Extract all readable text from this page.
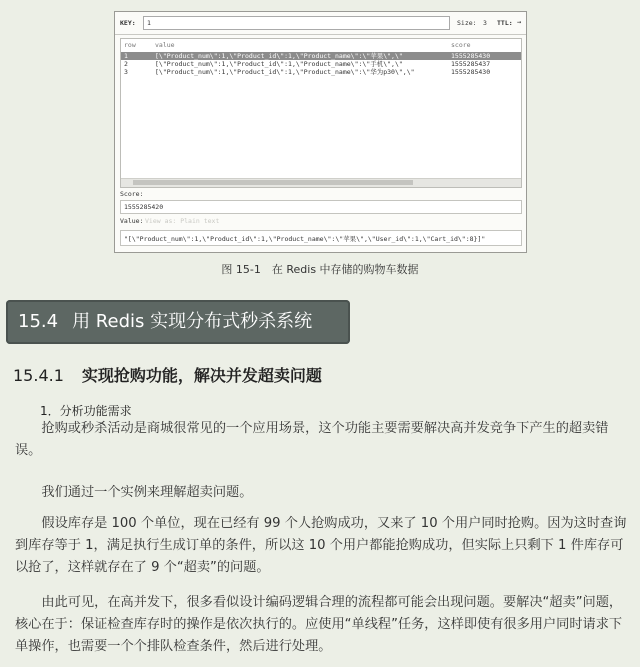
KEY: 1	Size: 3 TTL: →
row	value	score
1	[\"Product_num\":1,\"Product_id\":1,\"Product_name\":\"苹果\",\"	1555285430
2	[\"Product_num\":1,\"Product_id\":1,\"Product_name\":\"手机\",\"	1555285437
3	[\"Product_num\":1,\"Product_id\":1,\"Product_name\":\"华为p30\",\"	1555285430
Score:
1555285420
Value: View as: Plain text
"[\"Product_num\":1,\"Product_id\":1,\"Product_name\":\"苹果\",\"User_id\":1,\"Cart_id\":8}]"
图 15-1　在 Redis 中存储的购物车数据
15.4 用 Redis 实现分布式秒杀系统
15.4.1 实现抢购功能，解决并发超卖问题
1．分析功能需求

抢购或秒杀活动是商城很常见的一个应用场景，这个功能主要需要解决高并发竞争下产生的超卖错误。

我们通过一个实例来理解超卖问题。

假设库存是 100 个单位，现在已经有 99 个人抢购成功，又来了 10 个用户同时抢购。因为这时查询到库存等于 1，满足执行生成订单的条件，所以这 10 个用户都能抢购成功，但实际上只剩下 1 件库存可以抢了，这样就存在了 9 个“超卖”的问题。

由此可见，在高并发下，很多看似设计编码逻辑合理的流程都可能会出现问题。要解决“超卖”问题，核心在于：保证检查库存时的操作是依次执行的。应使用“单线程”任务，这样即使有很多用户同时请求下单操作，也需要一个个排队检查条件，然后进行处理。
